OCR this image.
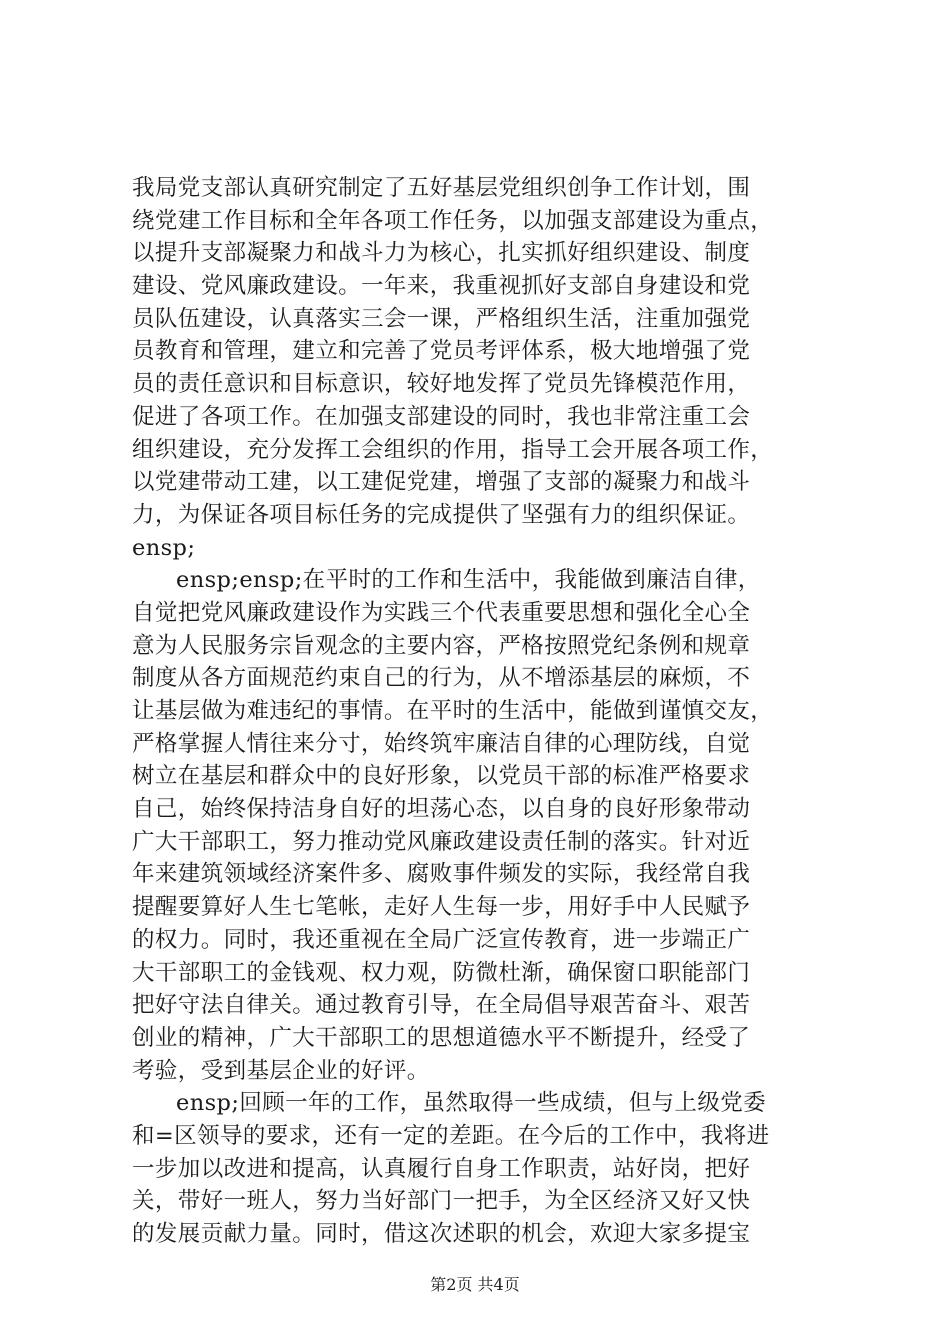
我局党支部认真研究制定了五好基层党组织创争工作计划，围
绕党建工作目标和全年各项工作任务，以加强支部建设为重点，
以提升支部凝聚力和战斗力为核心，扎实抓好组织建设、制度
建设、党风廉政建设。一年来，我重视抓好支部自身建设和党
员队伍建设，认真落实三会一课，严格组织生活，注重加强党
员教育和管理，建立和完善了党员考评体系，极大地增强了党
员的责任意识和目标意识，较好地发挥了党员先锋模范作用，
促进了各项工作。在加强支部建设的同时，我也非常注重工会
组织建设，充分发挥工会组织的作用，指导工会开展各项工作，
以党建带动工建，以工建促党建，增强了支部的凝聚力和战斗
力，为保证各项目标任务的完成提供了坚强有力的组织保证。
ensp;
ensp;ensp;在平时的工作和生活中，我能做到廉洁自律，
自觉把党风廉政建设作为实践三个代表重要思想和强化全心全
意为人民服务宗旨观念的主要内容，严格按照党纪条例和规章
制度从各方面规范约束自己的行为，从不增添基层的麻烦，不
让基层做为难违纪的事情。在平时的生活中，能做到谨慎交友，
严格掌握人情往来分寸，始终筑牢廉洁自律的心理防线，自觉
树立在基层和群众中的良好形象，以党员干部的标准严格要求
自己，始终保持洁身自好的坦荡心态，以自身的良好形象带动
广大干部职工，努力推动党风廉政建设责任制的落实。针对近
年来建筑领域经济案件多、腐败事件频发的实际，我经常自我
提醒要算好人生七笔帐，走好人生每一步，用好手中人民赋予
的权力。同时，我还重视在全局广泛宣传教育，进一步端正广
大干部职工的金钱观、权力观，防微杜渐，确保窗口职能部门
把好守法自律关。通过教育引导，在全局倡导艰苦奋斗、艰苦
创业的精神，广大干部职工的思想道德水平不断提升，经受了
考验，受到基层企业的好评。
ensp;回顾一年的工作，虽然取得一些成绩，但与上级党委
和=区领导的要求，还有一定的差距。在今后的工作中，我将进
一步加以改进和提高，认真履行自身工作职责，站好岗，把好
关，带好一班人，努力当好部门一把手，为全区经济又好又快
的发展贡献力量。同时，借这次述职的机会，欢迎大家多提宝
第2页 共4页
